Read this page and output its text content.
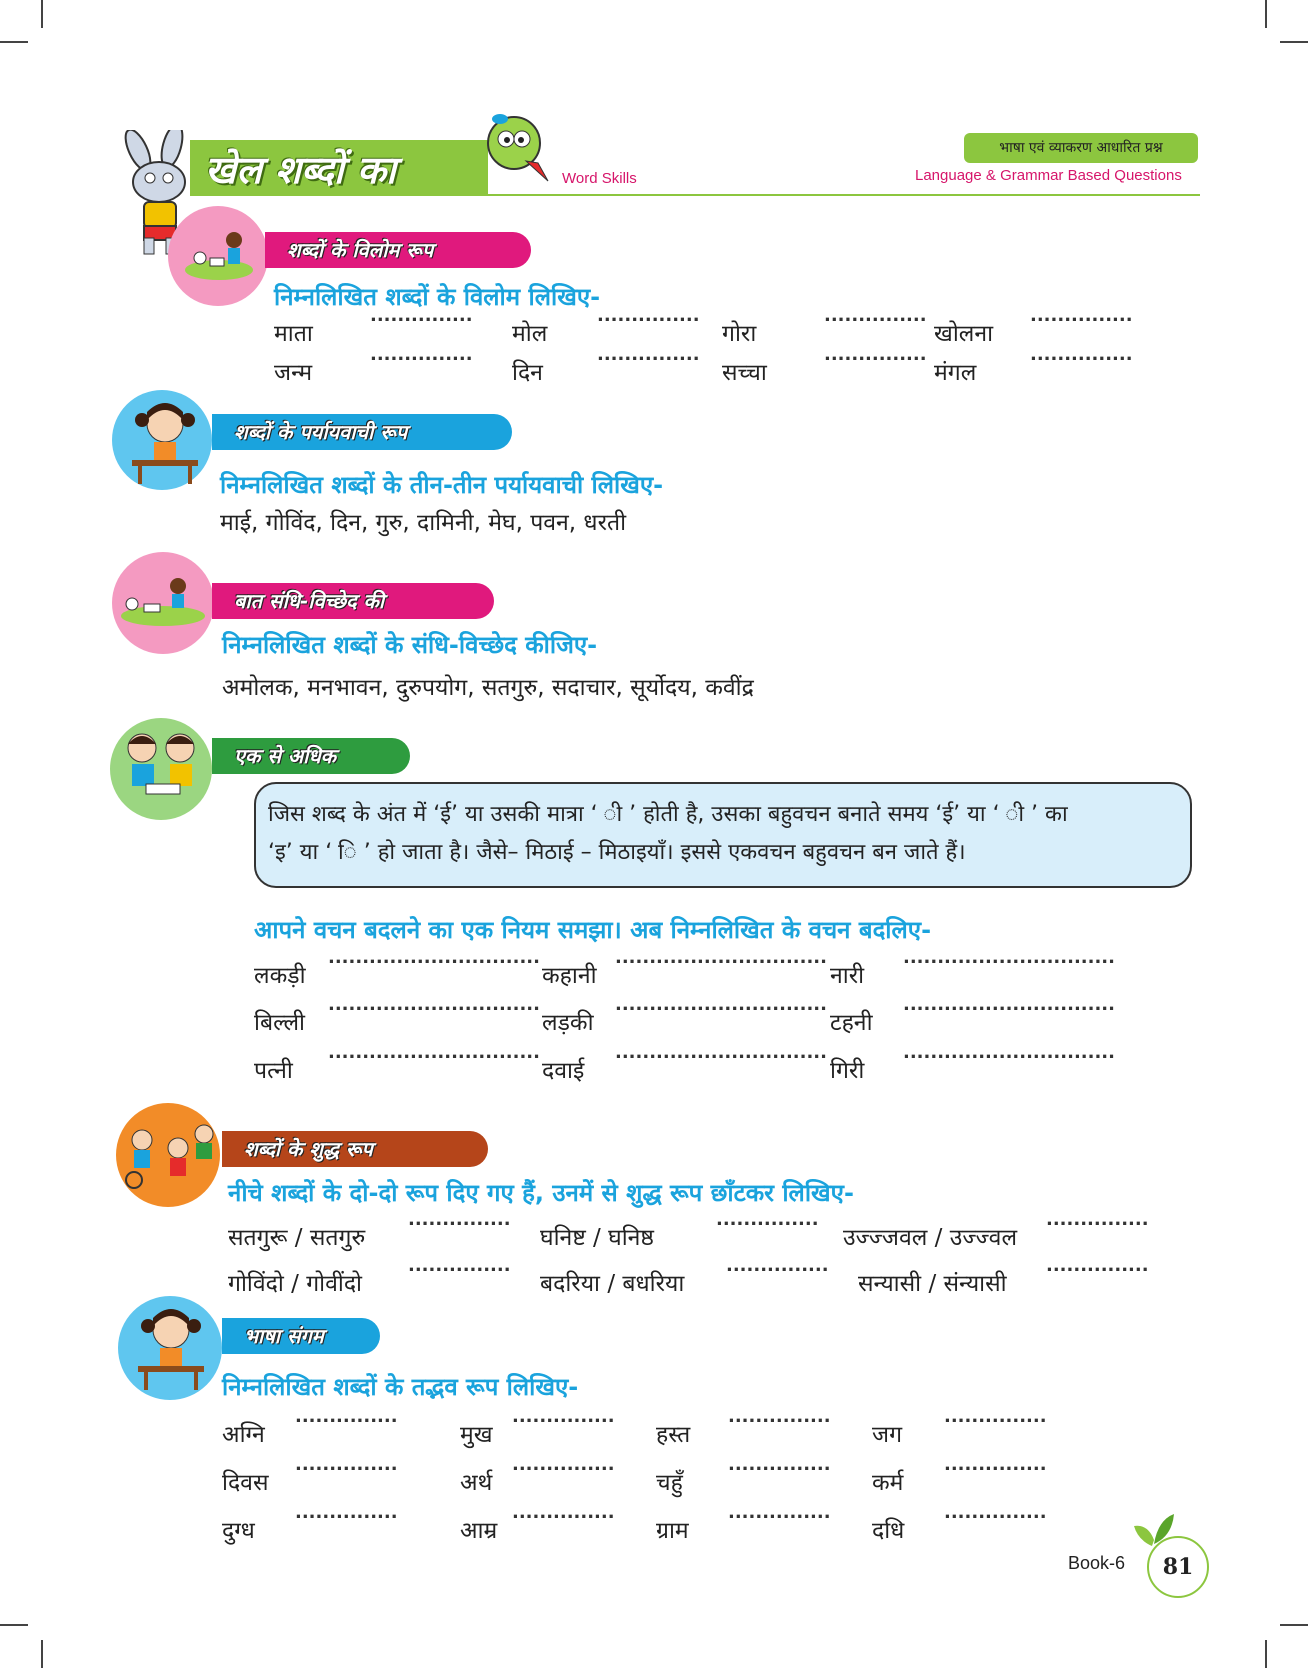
खेल शब्दों का	Word Skills
भाषा एवं व्याकरण आधारित प्रश्न
Language & Grammar Based Questions
शब्दों के विलोम रूप
निम्नलिखित शब्दों के विलोम लिखिए-
माता
...............
मोल
...............
गोरा
...............
खोलना
...............
जन्म
...............
दिन
...............
सच्चा
...............
मंगल
...............
शब्दों के पर्यायवाची रूप
निम्नलिखित शब्दों के तीन-तीन पर्यायवाची लिखिए-
माई, गोविंद, दिन, गुरु, दामिनी, मेघ, पवन, धरती
बात संधि-विच्छेद की
निम्नलिखित शब्दों के संधि-विच्छेद कीजिए-
अमोलक, मनभावन, दुरुपयोग, सतगुरु, सदाचार, सूर्योदय, कवींद्र
एक से अधिक
जिस शब्द के अंत में ‘ई’ या उसकी मात्रा ‘ ी ’ होती है, उसका बहुवचन बनाते समय ‘ई’ या ‘ ी ’ का
‘इ’ या ‘ ि ’ हो जाता है। जैसे– मिठाई – मिठाइयाँ। इससे एकवचन बहुवचन बन जाते हैं।
आपने वचन बदलने का एक नियम समझा। अब निम्नलिखित के वचन बदलिए-
लकड़ी
...............................
कहानी
...............................
नारी
...............................
बिल्ली
...............................
लड़की
...............................
टहनी
...............................
पत्नी
...............................
दवाई
...............................
गिरी
...............................
शब्दों के शुद्ध रूप
नीचे शब्दों के दो-दो रूप दिए गए हैं, उनमें से शुद्ध रूप छाँटकर लिखिए-
सतगुरू / सतगुरु
...............
घनिष्ट / घनिष्ठ
...............
उज्ज्जवल / उज्ज्वल
...............
गोविंदो / गोवींदो
...............
बदरिया / बधरिया
...............
सन्यासी / संन्यासी
...............
भाषा संगम
निम्नलिखित शब्दों के तद्भव रूप लिखिए-
अग्नि
...............
मुख
...............
हस्त
...............
जग
...............
दिवस
...............
अर्थ
...............
चहुँ
...............
कर्म
...............
दुग्ध
...............
आम्र
...............
ग्राम
...............
दधि
...............
Book-6	81
